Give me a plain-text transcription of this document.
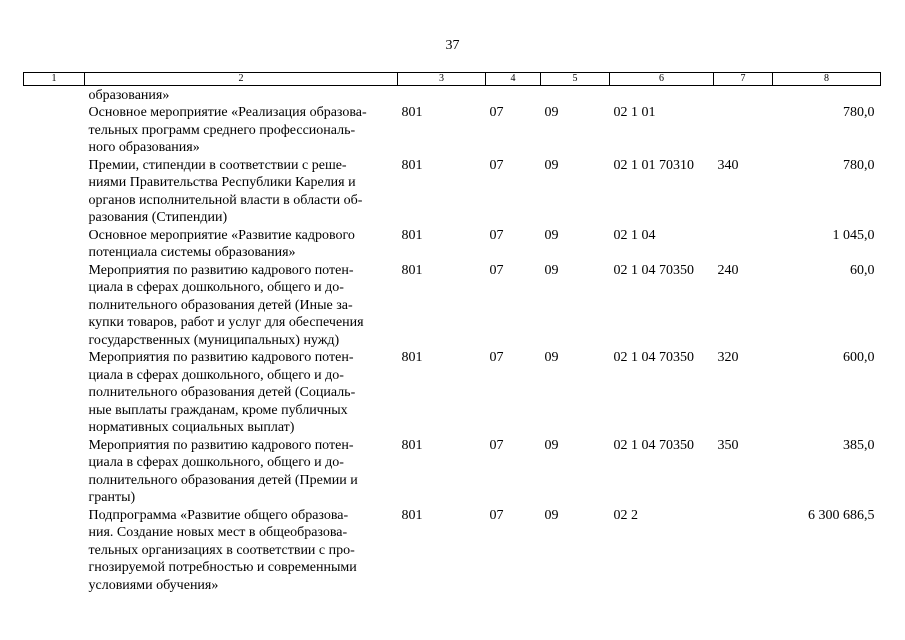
37
1	2	3	4	5	6	7	8
	образования»						
	Основное мероприятие «Реализация образова-
тельных программ среднего профессиональ-
ного образования»	801	07	09	02 1 01		780,0
	Премии, стипендии в соответствии с реше-
ниями Правительства Республики Карелия и
органов исполнительной власти в области об-
разования (Стипендии)	801	07	09	02 1 01 70310	340	780,0
	Основное мероприятие «Развитие кадрового
потенциала системы образования»	801	07	09	02 1 04		1 045,0
	Мероприятия по развитию кадрового потен-
циала в сферах дошкольного, общего и до-
полнительного образования детей (Иные за-
купки товаров, работ и услуг для обеспечения
государственных (муниципальных) нужд)	801	07	09	02 1 04 70350	240	60,0
	Мероприятия по развитию кадрового потен-
циала в сферах дошкольного, общего и до-
полнительного образования детей (Социаль-
ные выплаты гражданам, кроме публичных
нормативных социальных выплат)	801	07	09	02 1 04 70350	320	600,0
	Мероприятия по развитию кадрового потен-
циала в сферах дошкольного, общего и до-
полнительного образования детей (Премии и
гранты)	801	07	09	02 1 04 70350	350	385,0
	Подпрограмма «Развитие общего образова-
ния. Создание новых мест в общеобразова-
тельных организациях в соответствии с про-
гнозируемой потребностью и современными
условиями обучения»	801	07	09	02 2		6 300 686,5
